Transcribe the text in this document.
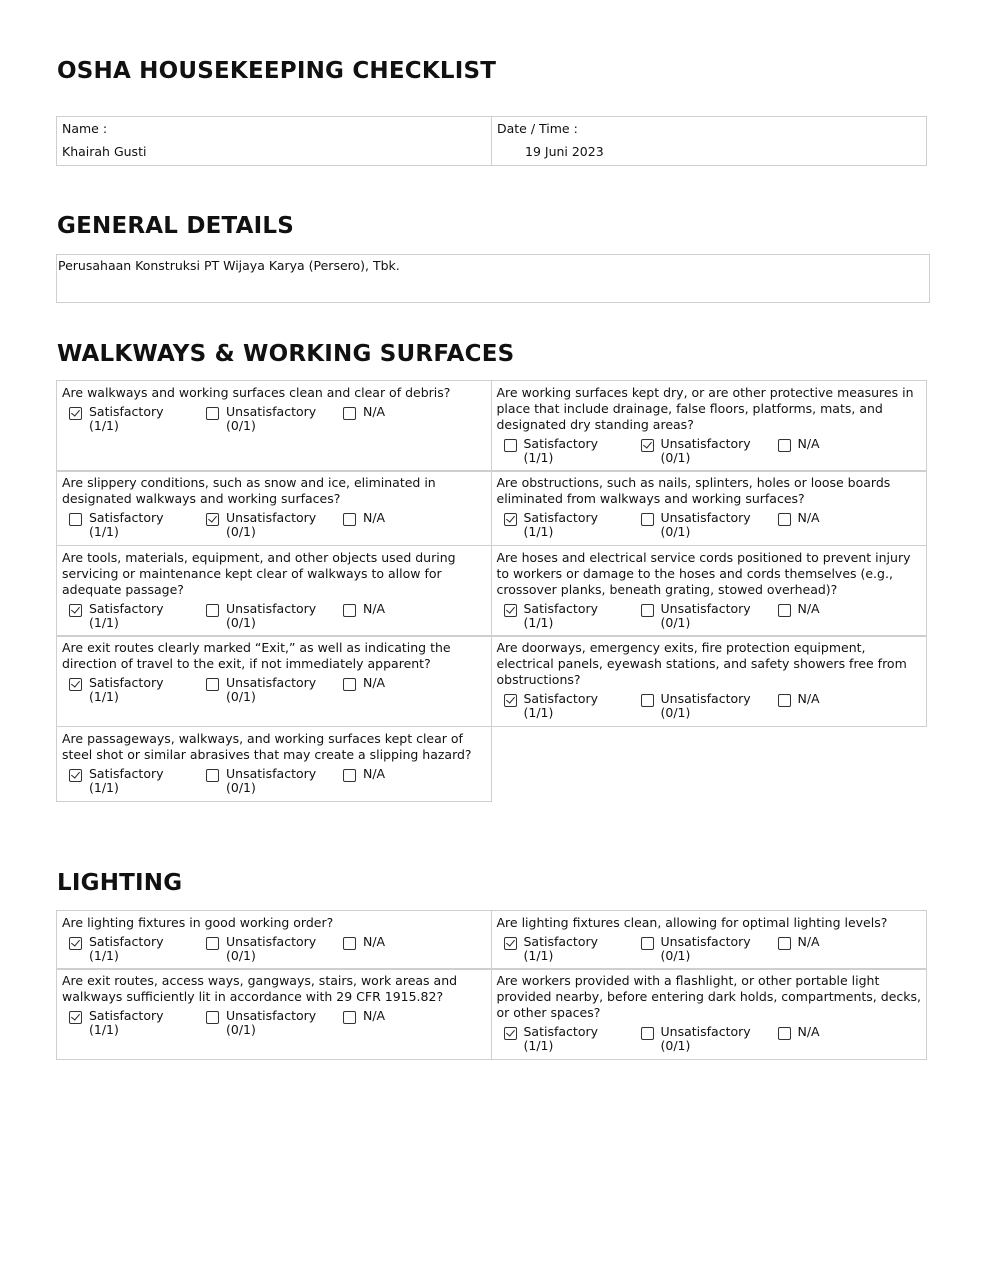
OSHA HOUSEKEEPING CHECKLIST
Name :
Khairah Gusti
Date / Time :
19 Juni 2023
GENERAL DETAILS
Perusahaan Konstruksi PT Wijaya Karya (Persero), Tbk.
WALKWAYS & WORKING SURFACES
Are walkways and working surfaces clean and clear of debris?
Satisfactory
(1/1)
Unsatisfactory
(0/1)
N/A
Are working surfaces kept dry, or are other protective measures in
place that include drainage, false floors, platforms, mats, and
designated dry standing areas?
Satisfactory
(1/1)
Unsatisfactory
(0/1)
N/A
Are slippery conditions, such as snow and ice, eliminated in
designated walkways and working surfaces?
Satisfactory
(1/1)
Unsatisfactory
(0/1)
N/A
Are obstructions, such as nails, splinters, holes or loose boards
eliminated from walkways and working surfaces?
Satisfactory
(1/1)
Unsatisfactory
(0/1)
N/A
Are tools, materials, equipment, and other objects used during
servicing or maintenance kept clear of walkways to allow for
adequate passage?
Satisfactory
(1/1)
Unsatisfactory
(0/1)
N/A
Are hoses and electrical service cords positioned to prevent injury
to workers or damage to the hoses and cords themselves (e.g.,
crossover planks, beneath grating, stowed overhead)?
Satisfactory
(1/1)
Unsatisfactory
(0/1)
N/A
Are exit routes clearly marked “Exit,” as well as indicating the
direction of travel to the exit, if not immediately apparent?
Satisfactory
(1/1)
Unsatisfactory
(0/1)
N/A
Are doorways, emergency exits, fire protection equipment,
electrical panels, eyewash stations, and safety showers free from
obstructions?
Satisfactory
(1/1)
Unsatisfactory
(0/1)
N/A
Are passageways, walkways, and working surfaces kept clear of
steel shot or similar abrasives that may create a slipping hazard?
Satisfactory
(1/1)
Unsatisfactory
(0/1)
N/A
LIGHTING
Are lighting fixtures in good working order?
Satisfactory
(1/1)
Unsatisfactory
(0/1)
N/A
Are lighting fixtures clean, allowing for optimal lighting levels?
Satisfactory
(1/1)
Unsatisfactory
(0/1)
N/A
Are exit routes, access ways, gangways, stairs, work areas and
walkways sufficiently lit in accordance with 29 CFR 1915.82?
Satisfactory
(1/1)
Unsatisfactory
(0/1)
N/A
Are workers provided with a flashlight, or other portable light
provided nearby, before entering dark holds, compartments, decks,
or other spaces?
Satisfactory
(1/1)
Unsatisfactory
(0/1)
N/A
